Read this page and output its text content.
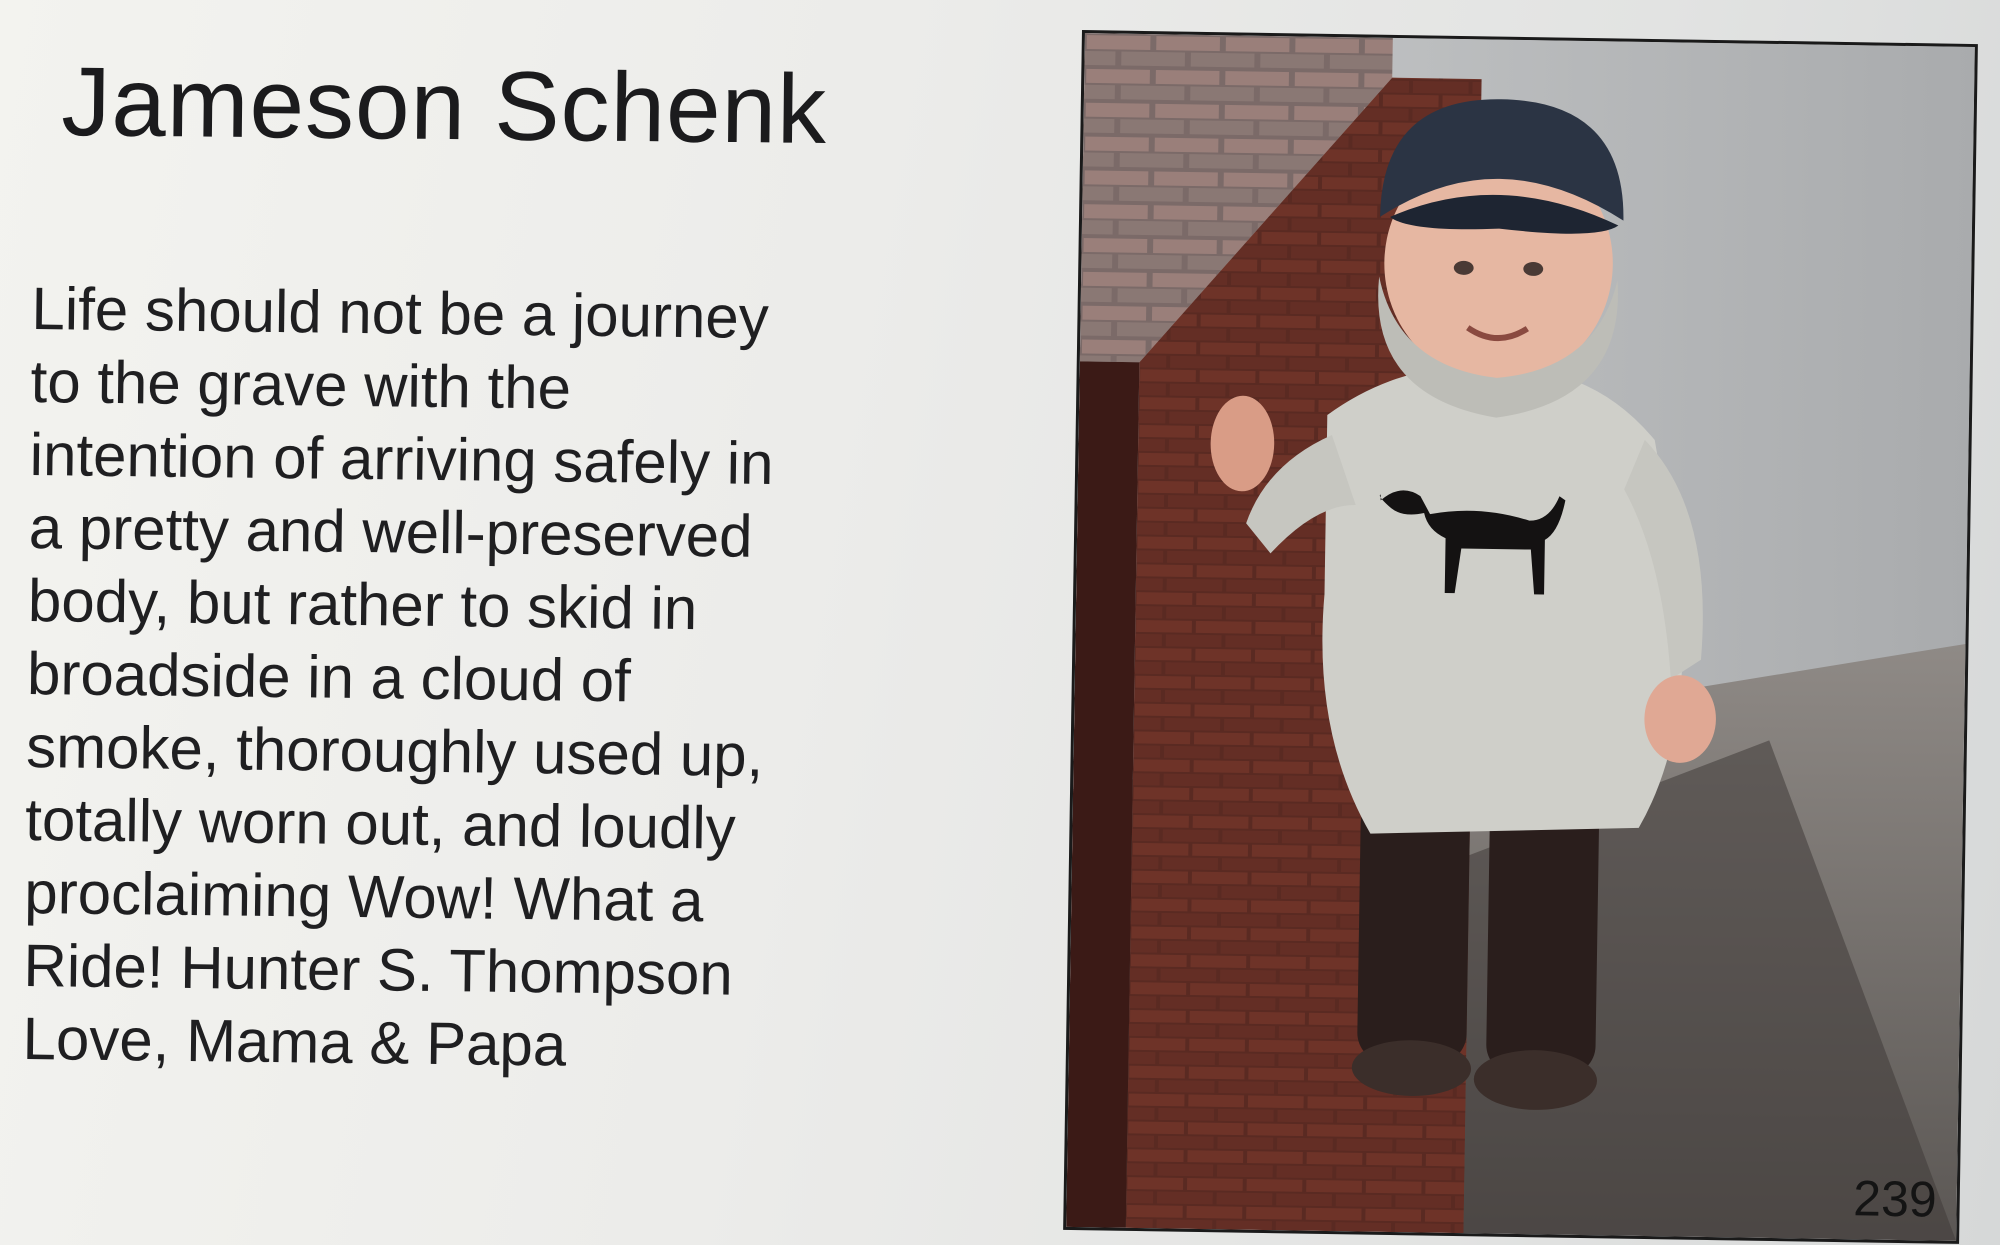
Jameson Schenk
Life should not be a journey
to the grave with the
intention of arriving safely in
a pretty and well-preserved
body, but rather to skid in
broadside in a cloud of
smoke, thoroughly used up,
totally worn out, and loudly
proclaiming Wow! What a
Ride! Hunter S. Thompson
Love, Mama & Papa
239
